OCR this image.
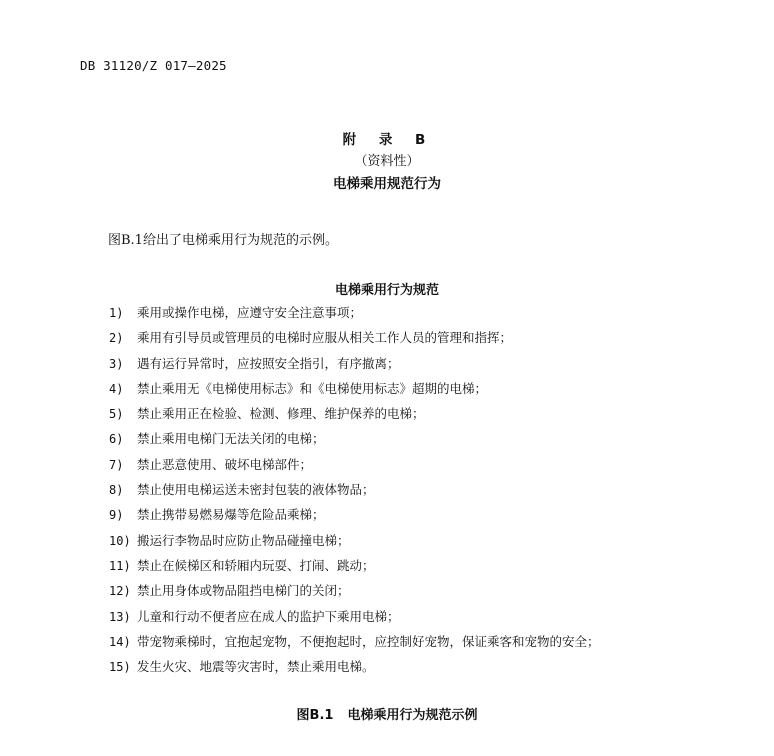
DB 31120/Z 017—2025
附 录 B
（资料性）
电梯乘用规范行为
图B.1给出了电梯乘用行为规范的示例。
电梯乘用行为规范
1) 乘用或操作电梯，应遵守安全注意事项；
2) 乘用有引导员或管理员的电梯时应服从相关工作人员的管理和指挥；
3) 遇有运行异常时，应按照安全指引，有序撤离；
4) 禁止乘用无《电梯使用标志》和《电梯使用标志》超期的电梯；
5) 禁止乘用正在检验、检测、修理、维护保养的电梯；
6) 禁止乘用电梯门无法关闭的电梯；
7) 禁止恶意使用、破坏电梯部件；
8) 禁止使用电梯运送未密封包装的液体物品；
9) 禁止携带易燃易爆等危险品乘梯；
10) 搬运行李物品时应防止物品碰撞电梯；
11) 禁止在候梯区和轿厢内玩耍、打闹、跳动；
12) 禁止用身体或物品阻挡电梯门的关闭；
13) 儿童和行动不便者应在成人的监护下乘用电梯；
14) 带宠物乘梯时，宜抱起宠物，不便抱起时，应控制好宠物，保证乘客和宠物的安全；
15) 发生火灾、地震等灾害时，禁止乘用电梯。
图B.1 电梯乘用行为规范示例
